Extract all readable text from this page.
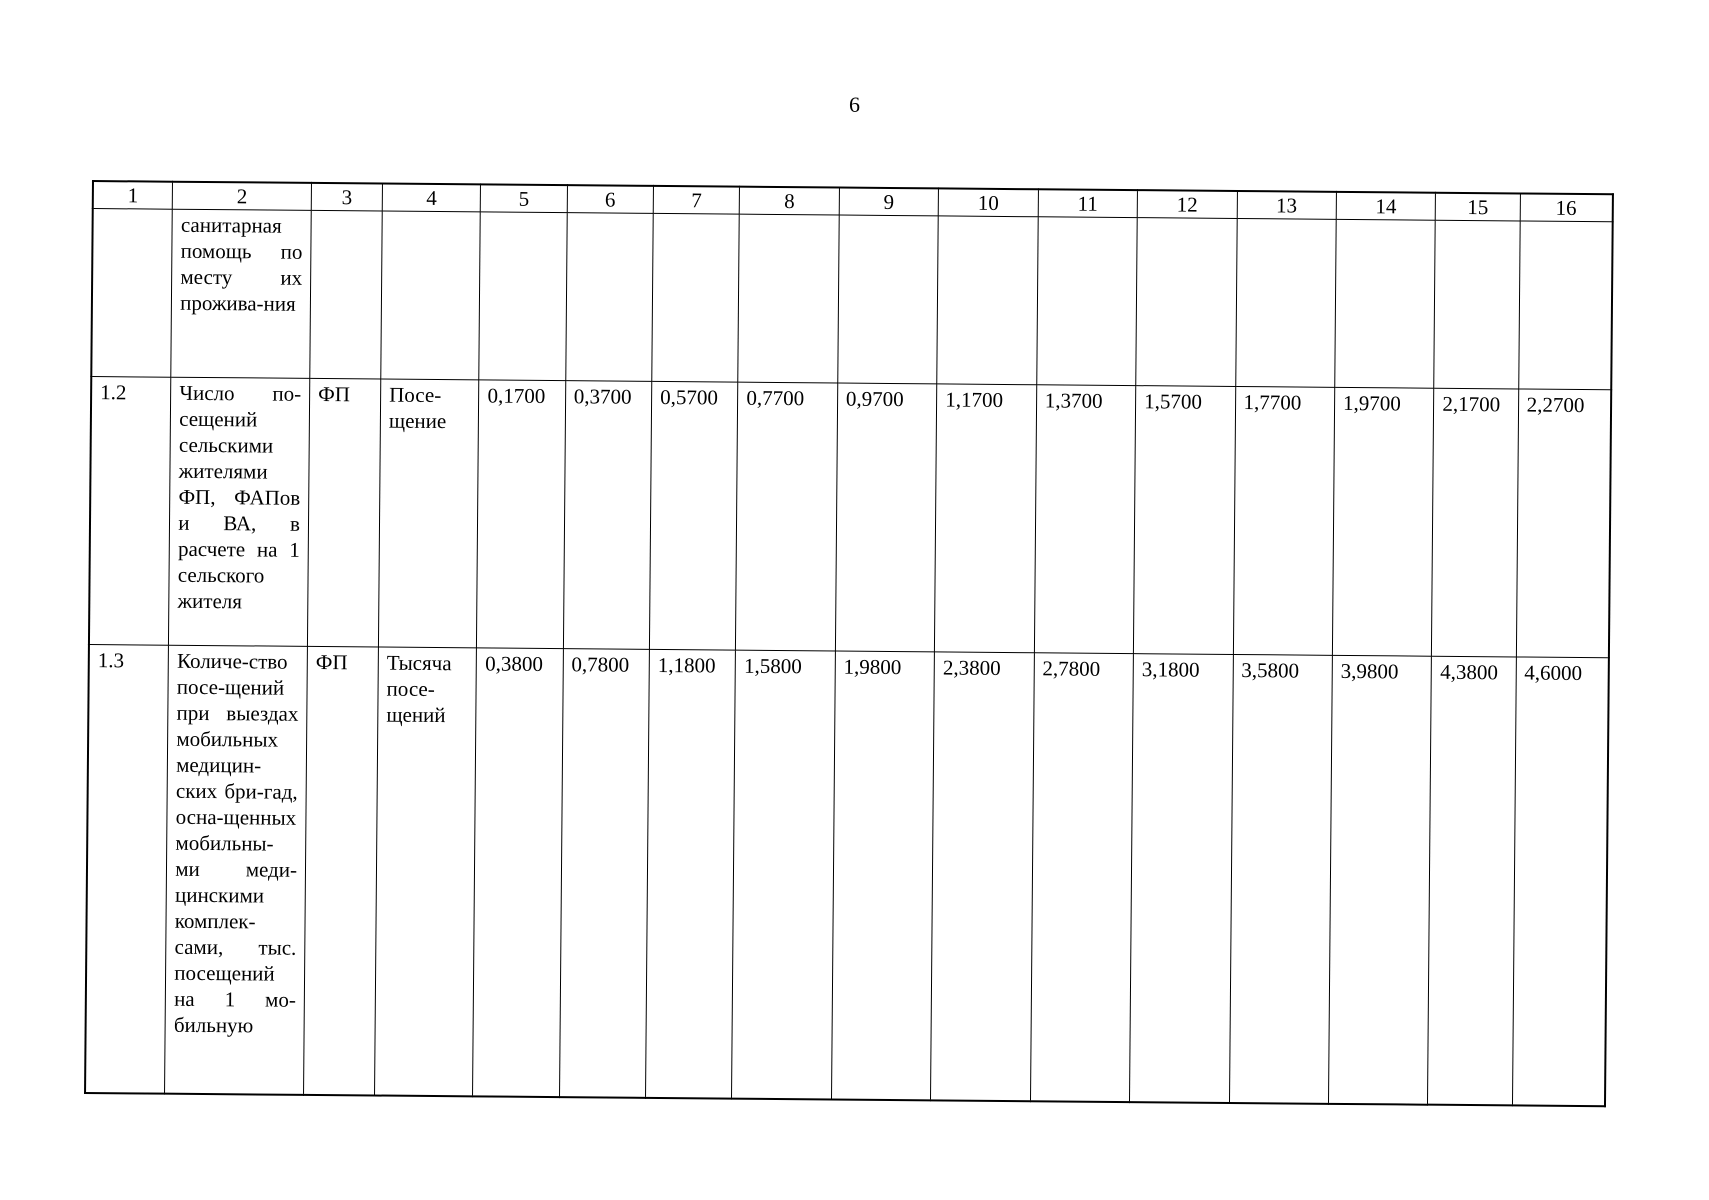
6
1	2	3	4	5	6	7	8	9	10	11	12	13	14	15	16
	санитарная помощь по месту их прожива-ния														
1.2	Число по-сещений сельскими жителями ФП, ФАПов и ВА, в расчете на 1 сельского жителя	ФП	Посе-щение	0,1700	0,3700	0,5700	0,7700	0,9700	1,1700	1,3700	1,5700	1,7700	1,9700	2,1700	2,2700
1.3	Количе-ство посе-щений при выездах мобильных медицин-ских бри-гад, осна-щенных мобильны-ми меди-цинскими комплек-сами, тыс. посещений на 1 мо-бильную	ФП	Тысяча посе-щений	0,3800	0,7800	1,1800	1,5800	1,9800	2,3800	2,7800	3,1800	3,5800	3,9800	4,3800	4,6000
